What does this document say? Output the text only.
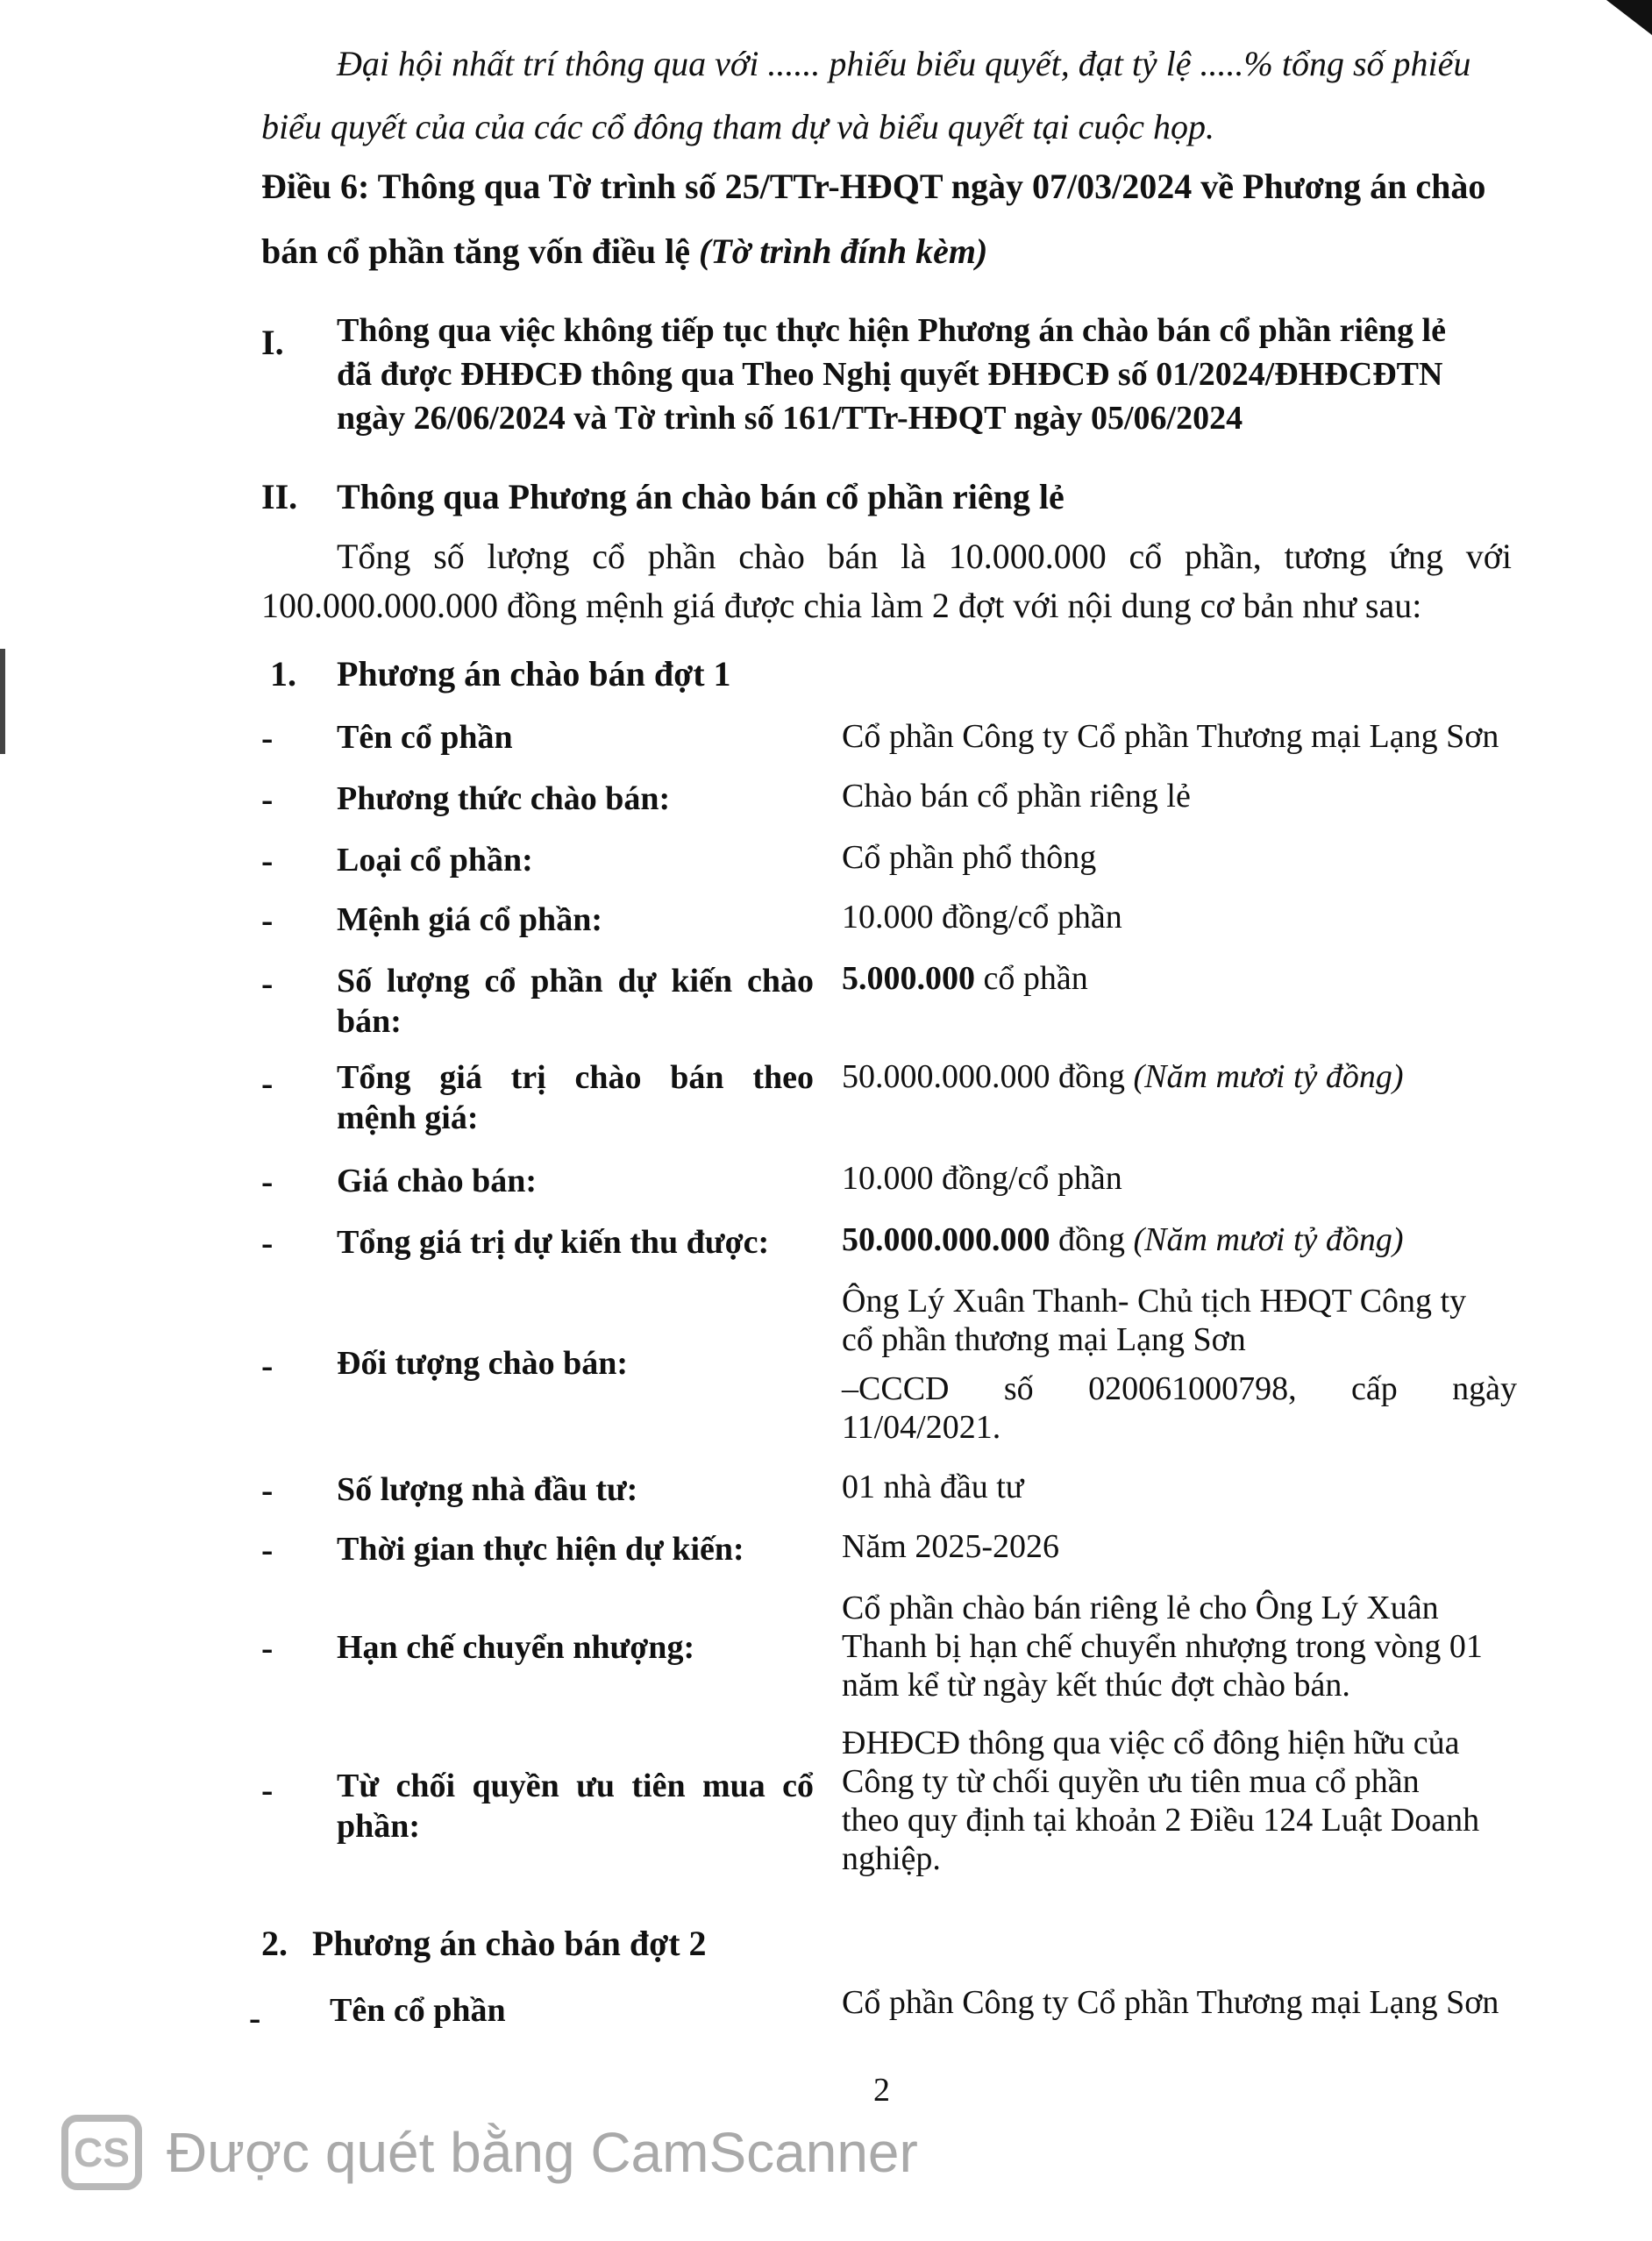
Đại hội nhất trí thông qua với ...... phiếu biểu quyết, đạt tỷ lệ .....% tổng số phiếu
biểu quyết của của các cổ đông tham dự và biểu quyết tại cuộc họp.
Điều 6: Thông qua Tờ trình số 25/TTr-HĐQT ngày 07/03/2024 về Phương án chào
bán cổ phần tăng vốn điều lệ (Tờ trình đính kèm)
I. Thông qua việc không tiếp tục thực hiện Phương án chào bán cổ phần riêng lẻ
đã được ĐHĐCĐ thông qua Theo Nghị quyết ĐHĐCĐ số 01/2024/ĐHĐCĐTN
ngày 26/06/2024 và Tờ trình số 161/TTr-HĐQT ngày 05/06/2024
II. Thông qua Phương án chào bán cổ phần riêng lẻ
Tổng số lượng cổ phần chào bán là 10.000.000 cổ phần, tương ứng với
100.000.000.000 đồng mệnh giá được chia làm 2 đợt với nội dung cơ bản như sau:
1. Phương án chào bán đợt 1
- Tên cổ phần	Cổ phần Công ty Cổ phần Thương mại Lạng Sơn
- Phương thức chào bán:	Chào bán cổ phần riêng lẻ
- Loại cổ phần:	Cổ phần phổ thông
- Mệnh giá cổ phần:	10.000 đồng/cổ phần
- Số lượng cổ phần dự kiến chào
bán:
5.000.000 cổ phần
- Tổng giá trị chào bán theo
mệnh giá:
50.000.000.000 đồng (Năm mươi tỷ đồng)
- Giá chào bán:	10.000 đồng/cổ phần
- Tổng giá trị dự kiến thu được:	50.000.000.000 đồng (Năm mươi tỷ đồng)
- Đối tượng chào bán:
Ông Lý Xuân Thanh- Chủ tịch HĐQT Công ty
cổ phần thương mại Lạng Sơn
–CCCD số 020061000798, cấp ngày
11/04/2021.
- Số lượng nhà đầu tư:	01 nhà đầu tư
- Thời gian thực hiện dự kiến:	Năm 2025-2026
- Hạn chế chuyển nhượng:
Cổ phần chào bán riêng lẻ cho Ông Lý Xuân
Thanh bị hạn chế chuyển nhượng trong vòng 01
năm kể từ ngày kết thúc đợt chào bán.
- Từ chối quyền ưu tiên mua cổ
phần:
ĐHĐCĐ thông qua việc cổ đông hiện hữu của
Công ty từ chối quyền ưu tiên mua cổ phần
theo quy định tại khoản 2 Điều 124 Luật Doanh
nghiệp.
2. Phương án chào bán đợt 2
- Tên cổ phần	Cổ phần Công ty Cổ phần Thương mại Lạng Sơn
2
CS Được quét bằng CamScanner
